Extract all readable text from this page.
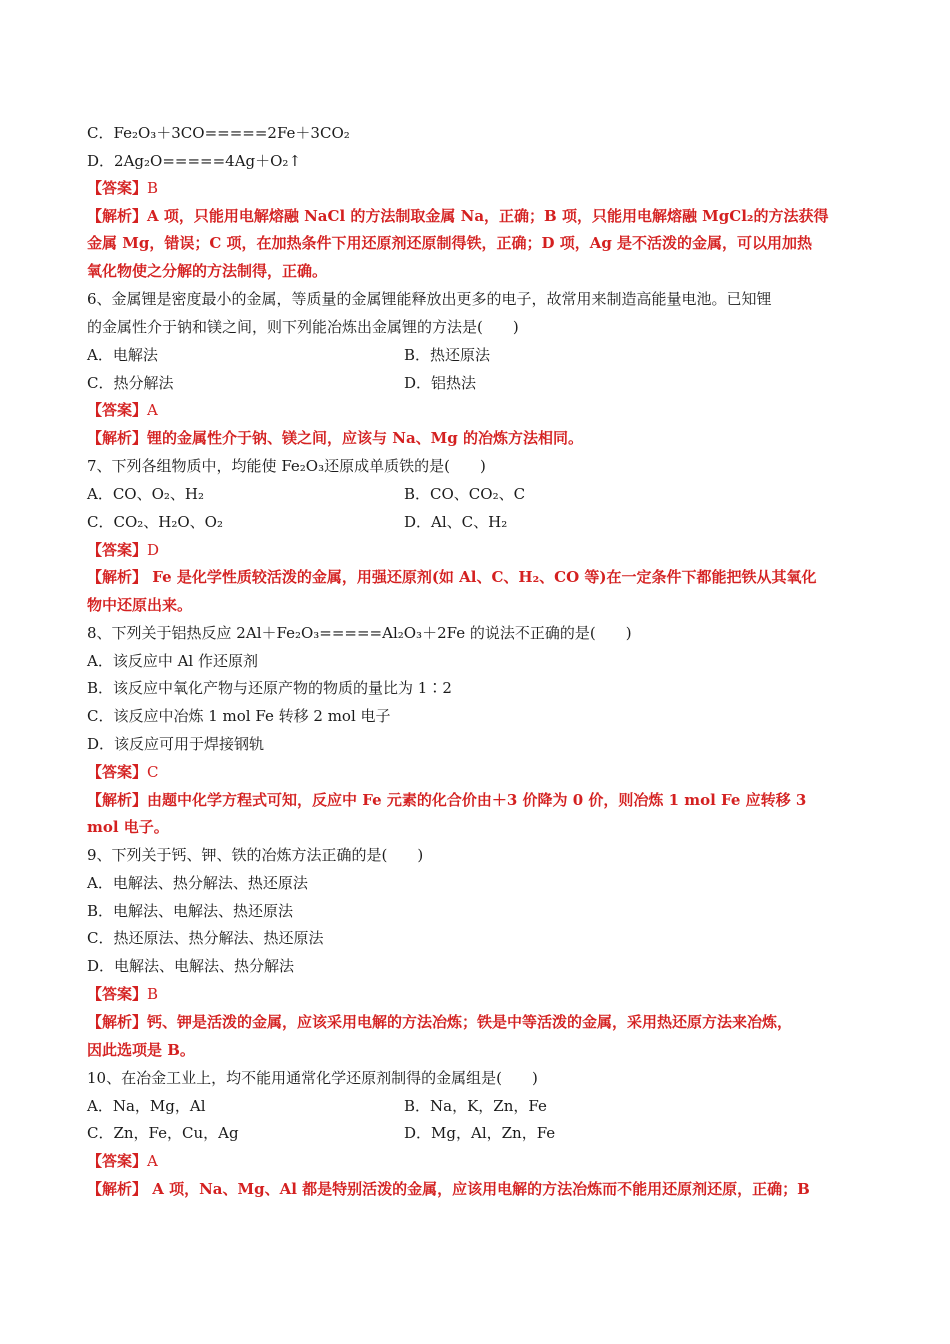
C．Fe₂O₃＋3CO=====2Fe＋3CO₂
D．2Ag₂O=====4Ag＋O₂↑
【答案】B
【解析】A 项，只能用电解熔融 NaCl 的方法制取金属 Na，正确；B 项，只能用电解熔融 MgCl₂的方法获得
金属 Mg，错误；C 项，在加热条件下用还原剂还原制得铁，正确；D 项，Ag 是不活泼的金属，可以用加热
氧化物使之分解的方法制得，正确。
6、金属锂是密度最小的金属，等质量的金属锂能释放出更多的电子，故常用来制造高能量电池。已知锂
的金属性介于钠和镁之间，则下列能冶炼出金属锂的方法是(　　)
A．电解法	B．热还原法
C．热分解法	D．铝热法
【答案】A
【解析】锂的金属性介于钠、镁之间，应该与 Na、Mg 的冶炼方法相同。
7、下列各组物质中，均能使 Fe₂O₃还原成单质铁的是(　　)
A．CO、O₂、H₂	B．CO、CO₂、C
C．CO₂、H₂O、O₂	D．Al、C、H₂
【答案】D
【解析】 Fe 是化学性质较活泼的金属，用强还原剂(如 Al、C、H₂、CO 等)在一定条件下都能把铁从其氧化
物中还原出来。
8、下列关于铝热反应 2Al＋Fe₂O₃=====Al₂O₃＋2Fe 的说法不正确的是(　　)
A．该反应中 Al 作还原剂
B．该反应中氧化产物与还原产物的物质的量比为 1∶2
C．该反应中冶炼 1 mol Fe 转移 2 mol 电子
D．该反应可用于焊接钢轨
【答案】C
【解析】由题中化学方程式可知，反应中 Fe 元素的化合价由＋3 价降为 0 价，则冶炼 1 mol Fe 应转移 3
mol 电子。
9、下列关于钙、钾、铁的冶炼方法正确的是(　　)
A．电解法、热分解法、热还原法
B．电解法、电解法、热还原法
C．热还原法、热分解法、热还原法
D．电解法、电解法、热分解法
【答案】B
【解析】钙、钾是活泼的金属，应该采用电解的方法冶炼；铁是中等活泼的金属，采用热还原方法来冶炼，
因此选项是 B。
10、在冶金工业上，均不能用通常化学还原剂制得的金属组是(　　)
A．Na，Mg，Al	B．Na，K，Zn，Fe
C．Zn，Fe，Cu，Ag	D．Mg，Al，Zn，Fe
【答案】A
【解析】 A 项，Na、Mg、Al 都是特别活泼的金属，应该用电解的方法冶炼而不能用还原剂还原，正确；B
